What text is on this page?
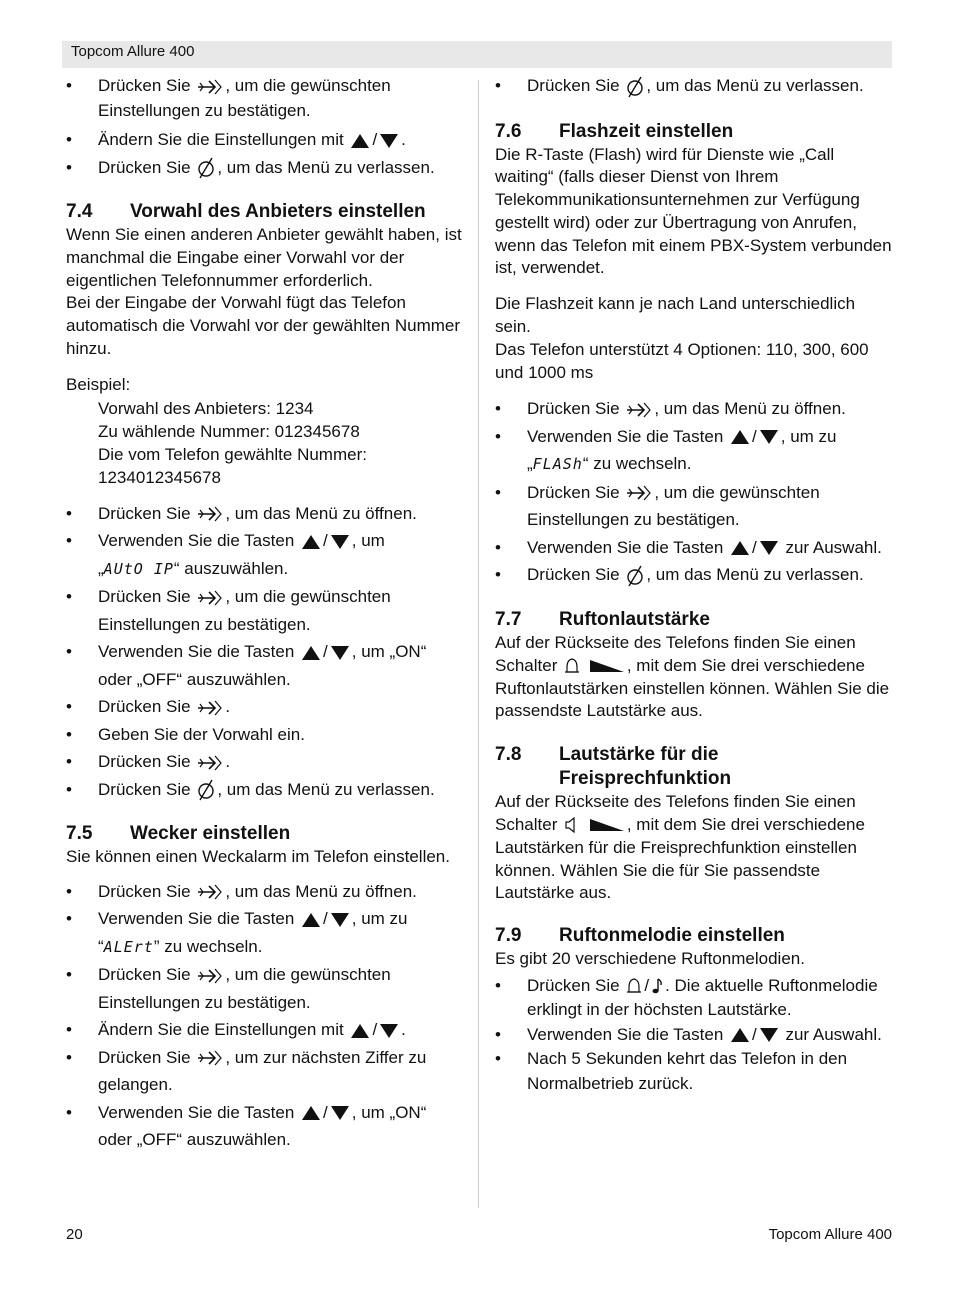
Topcom Allure 400
• Drücken Sie , um die gewünschten Einstellungen zu bestätigen.
• Ändern Sie die Einstellungen mit / .
• Drücken Sie , um das Menü zu verlassen.
7.4 Vorwahl des Anbieters einstellen
Wenn Sie einen anderen Anbieter gewählt haben, ist manchmal die Eingabe einer Vorwahl vor der eigentlichen Telefonnummer erforderlich.
Bei der Eingabe der Vorwahl fügt das Telefon automatisch die Vorwahl vor der gewählten Nummer hinzu.
Beispiel:
Vorwahl des Anbieters: 1234
Zu wählende Nummer: 012345678
Die vom Telefon gewählte Nummer:
1234012345678
• Drücken Sie , um das Menü zu öffnen.
• Verwenden Sie die Tasten / , um
„AUtO IP“ auszuwählen.
• Drücken Sie , um die gewünschten Einstellungen zu bestätigen.
• Verwenden Sie die Tasten / , um „ON“ oder „OFF“ auszuwählen.
• Drücken Sie .
• Geben Sie der Vorwahl ein.
• Drücken Sie .
• Drücken Sie , um das Menü zu verlassen.
7.5 Wecker einstellen
Sie können einen Weckalarm im Telefon einstellen.
• Drücken Sie , um das Menü zu öffnen.
• Verwenden Sie die Tasten / , um zu
“ALErt” zu wechseln.
• Drücken Sie , um die gewünschten Einstellungen zu bestätigen.
• Ändern Sie die Einstellungen mit / .
• Drücken Sie , um zur nächsten Ziffer zu gelangen.
• Verwenden Sie die Tasten / , um „ON“ oder „OFF“ auszuwählen.
• Drücken Sie , um das Menü zu verlassen.
7.6 Flashzeit einstellen
Die R-Taste (Flash) wird für Dienste wie „Call waiting“ (falls dieser Dienst von Ihrem Telekommunikationsunternehmen zur Verfügung gestellt wird) oder zur Übertragung von Anrufen, wenn das Telefon mit einem PBX-System verbunden ist, verwendet.
Die Flashzeit kann je nach Land unterschiedlich sein.
Das Telefon unterstützt 4 Optionen: 110, 300, 600 und 1000 ms
• Drücken Sie , um das Menü zu öffnen.
• Verwenden Sie die Tasten / , um zu
„FLASh“ zu wechseln.
• Drücken Sie , um die gewünschten Einstellungen zu bestätigen.
• Verwenden Sie die Tasten /
zur Auswahl.
• Drücken Sie , um das Menü zu verlassen.
7.7 Ruftonlautstärke
Auf der Rückseite des Telefons finden Sie einen Schalter
	, mit dem Sie drei verschiedene Ruftonlautstärken einstellen können. Wählen Sie die passendste Lautstärke aus.
7.8 Lautstärke für die Freisprechfunktion
Auf der Rückseite des Telefons finden Sie einen Schalter
	, mit dem Sie drei verschiedene Lautstärken für die Freisprechfunktion einstellen können. Wählen Sie die für Sie passendste Lautstärke aus.
7.9 Ruftonmelodie einstellen
Es gibt 20 verschiedene Ruftonmelodien.
• Drücken Sie / . Die aktuelle Ruftonmelodie erklingt in der höchsten Lautstärke.
• Verwenden Sie die Tasten /
zur Auswahl.
• Nach 5 Sekunden kehrt das Telefon in den Normalbetrieb zurück.
20	Topcom Allure 400
